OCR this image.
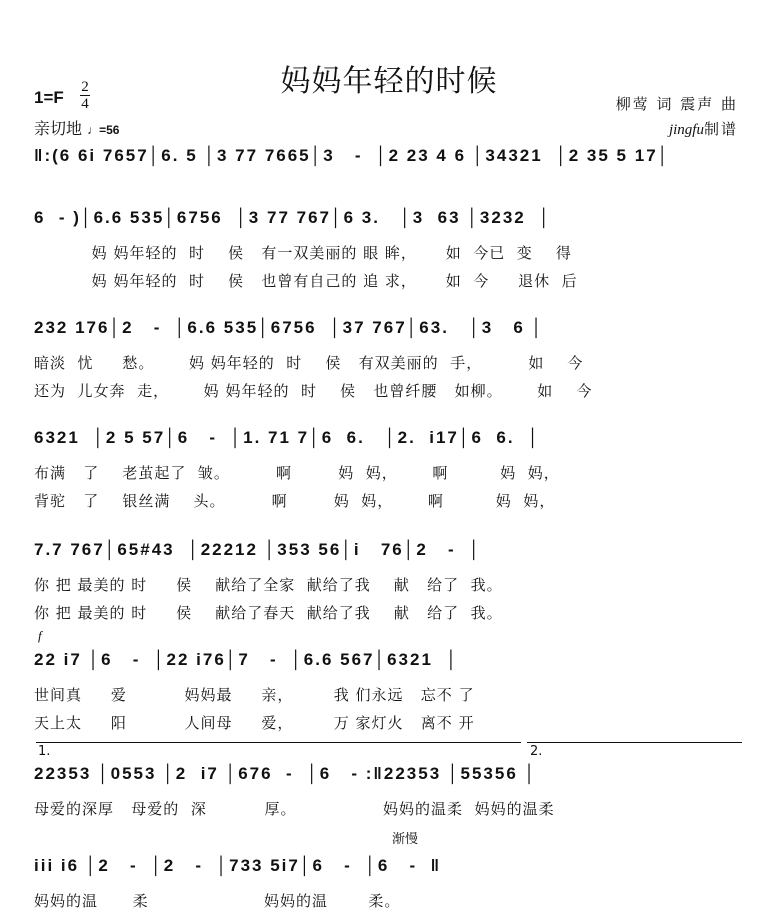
妈妈年轻的时候
1=F
2
4
亲切地 ♩=56
柳莺 词 震声 曲
jingfu制谱
‖:(6 6i 7657│6. 5 │3 77 7665│3   -  │2 23 4 6 │34321  │2 35 5 17│
6  - )│6.6 535│6756  │3 77 767│6 3.   │3  63 │3232  │
妈 妈年轻的  时    侯   有一双美丽的 眼 眸，     如  今已  变    得
妈 妈年轻的  时    侯   也曾有自己的 追 求，     如  今     退休  后
232 176│2   -  │6.6 535│6756  │37 767│63.   │3   6 │
暗淡  忧     愁。      妈 妈年轻的  时    侯   有双美丽的  手，        如    今
还为  儿女奔  走，      妈 妈年轻的  时    侯   也曾纤腰   如柳。      如    今
6321  │2 5 57│6   -  │1. 71 7│6  6.   │2.  i17│6  6.  │
布满   了    老茧起了  皱。        啊        妈  妈，      啊         妈  妈，
背驼   了    银丝满    头。        啊        妈  妈，      啊         妈  妈，
7.7 767│65#43  │22212 │353 56│i   76│2   -  │
你 把 最美的 时     侯    献给了全家  献给了我    献   给了  我。
你 把 最美的 时     侯    献给了春天  献给了我    献   给了  我。
f
22 i7 │6   -  │22 i76│7   -  │6.6 567│6321  │
世间真     爱          妈妈最     亲，       我 们永远   忘不 了
天上太     阳          人间母     爱，       万 家灯火   离不 开
1.	2.
22353 │0553 │2  i7 │676  -  │6   - :‖22353 │55356 │
母爱的深厚   母爱的  深          厚。               妈妈的温柔  妈妈的温柔
渐慢
iii i6 │2   -  │2   -  │733 5i7│6   -  │6   -  ‖
妈妈的温      柔                    妈妈的温       柔。
